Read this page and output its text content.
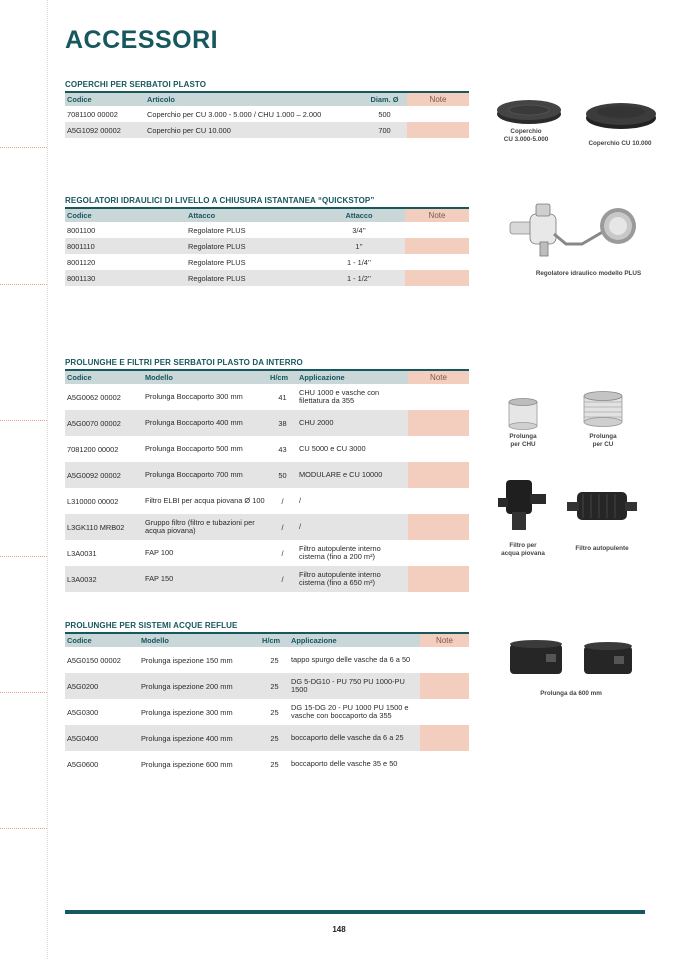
ACCESSORI
COPERCHI PER SERBATOI PLASTO
Codice	Articolo	Diam. Ø	Note
7081100 00002	Coperchio per CU 3.000 - 5.000 / CHU 1.000 – 2.000	500	
A5G1092 00002	Coperchio per CU 10.000	700		Coperchio
CU 3.000-5.000
Coperchio CU 10.000
REGOLATORI IDRAULICI DI LIVELLO A CHIUSURA ISTANTANEA “QUICKSTOP”
Codice	Attacco	Attacco	Note
8001100	Regolatore PLUS	3/4’’	
8001110	Regolatore PLUS	1’’	
8001120	Regolatore PLUS	1 - 1/4’’	
8001130	Regolatore PLUS	1 - 1/2’’		Regolatore idraulico modello PLUS
PROLUNGHE E FILTRI PER SERBATOI PLASTO DA INTERRO
Codice	Modello	H/cm	Applicazione	Note
A5G0062 00002	Prolunga Boccaporto 300 mm	41	CHU 1000 e vasche con filettatura da 355	
A5G0070 00002	Prolunga Boccaporto 400 mm	38	CHU 2000	
7081200 00002	Prolunga Boccaporto 500 mm	43	CU 5000 e CU 3000	
A5G0092 00002	Prolunga Boccaporto 700 mm	50	MODULARE e CU 10000	
L310000 00002	Filtro ELBI per acqua piovana Ø 100	/	/	
L3GK110 MRB02	Gruppo filtro (filtro e tubazioni per acqua piovana)	/	/	
L3A0031	FAP 100	/	Filtro autopulente interno cisterna (fino a 200 m²)	
L3A0032	FAP 150	/	Filtro autopulente interno cisterna (fino a 650 m²)	
Prolunga
per CHU
Prolunga
per CU
Filtro per
acqua piovana
Filtro autopulente
PROLUNGHE PER SISTEMI ACQUE REFLUE
Codice	Modello	H/cm	Applicazione	Note
A5G0150 00002	Prolunga ispezione 150 mm	25	tappo spurgo delle vasche da 6 a 50	
A5G0200	Prolunga ispezione 200 mm	25	DG 5-DG10 - PU 750 PU 1000-PU 1500	
A5G0300	Prolunga ispezione 300 mm	25	DG 15-DG 20 - PU 1000 PU 1500 e vasche con boccaporto da 355	
A5G0400	Prolunga ispezione 400 mm	25	boccaporto delle vasche da 6 a 25	
A5G0600	Prolunga ispezione 600 mm	25	boccaporto delle vasche 35 e 50	
Prolunga da 600 mm
148
